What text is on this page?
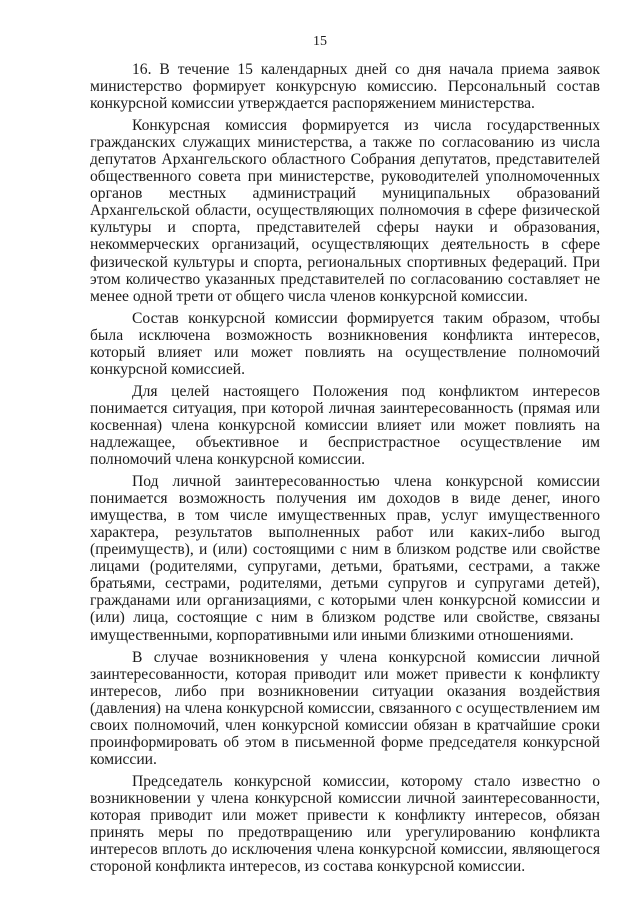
15

16. В течение 15 календарных дней со дня начала приема заявок министерство формирует конкурсную комиссию. Персональный состав конкурсной комиссии утверждается распоряжением министерства.

Конкурсная комиссия формируется из числа государственных гражданских служащих министерства, а также по согласованию из числа депутатов Архангельского областного Собрания депутатов, представителей общественного совета при министерстве, руководителей уполномоченных органов местных администраций муниципальных образований Архангельской области, осуществляющих полномочия в сфере физической культуры и спорта, представителей сферы науки и образования, некоммерческих организаций, осуществляющих деятельность в сфере физической культуры и спорта, региональных спортивных федераций. При этом количество указанных представителей по согласованию составляет не менее одной трети от общего числа членов конкурсной комиссии.

Состав конкурсной комиссии формируется таким образом, чтобы была исключена возможность возникновения конфликта интересов, который влияет или может повлиять на осуществление полномочий конкурсной комиссией.

Для целей настоящего Положения под конфликтом интересов понимается ситуация, при которой личная заинтересованность (прямая или косвенная) члена конкурсной комиссии влияет или может повлиять на надлежащее, объективное и беспристрастное осуществление им полномочий члена конкурсной комиссии.

Под личной заинтересованностью члена конкурсной комиссии понимается возможность получения им доходов в виде денег, иного имущества, в том числе имущественных прав, услуг имущественного характера, результатов выполненных работ или каких-либо выгод (преимуществ), и (или) состоящими с ним в близком родстве или свойстве лицами (родителями, супругами, детьми, братьями, сестрами, а также братьями, сестрами, родителями, детьми супругов и супругами детей), гражданами или организациями, с которыми член конкурсной комиссии и (или) лица, состоящие с ним в близком родстве или свойстве, связаны имущественными, корпоративными или иными близкими отношениями.

В случае возникновения у члена конкурсной комиссии личной заинтересованности, которая приводит или может привести к конфликту интересов, либо при возникновении ситуации оказания воздействия (давления) на члена конкурсной комиссии, связанного с осуществлением им своих полномочий, член конкурсной комиссии обязан в кратчайшие сроки проинформировать об этом в письменной форме председателя конкурсной комиссии.

Председатель конкурсной комиссии, которому стало известно о возникновении у члена конкурсной комиссии личной заинтересованности, которая приводит или может привести к конфликту интересов, обязан принять меры по предотвращению или урегулированию конфликта интересов вплоть до исключения члена конкурсной комиссии, являющегося стороной конфликта интересов, из состава конкурсной комиссии.
